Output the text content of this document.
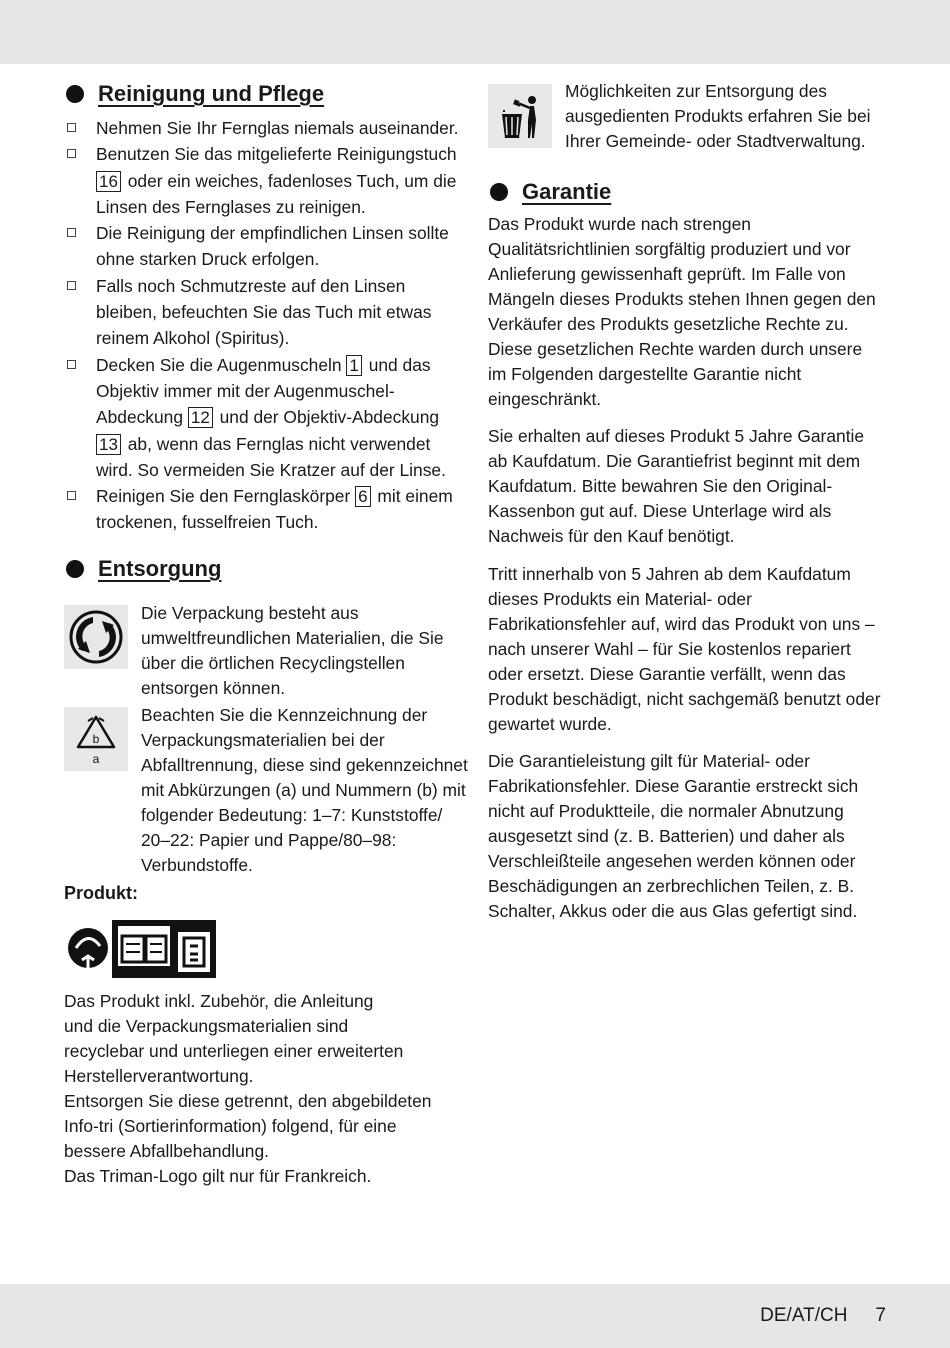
Reinigung und Pflege
Nehmen Sie Ihr Fernglas niemals auseinander.
Benutzen Sie das mitgelieferte Reinigungstuch
16 oder ein weiches, fadenloses Tuch, um die Linsen des Fernglases zu reinigen.
Die Reinigung der empfindlichen Linsen sollte ohne starken Druck erfolgen.
Falls noch Schmutzreste auf den Linsen bleiben, befeuchten Sie das Tuch mit etwas reinem Alkohol (Spiritus).
Decken Sie die Augenmuscheln 1 und das Objektiv immer mit der Augenmuschel-Abdeckung 12 und der Objektiv-Abdeckung
13 ab, wenn das Fernglas nicht verwendet wird. So vermeiden Sie Kratzer auf der Linse.
Reinigen Sie den Fernglaskörper 6 mit einem trockenen, fusselfreien Tuch.
Entsorgung

Die Verpackung besteht aus umweltfreundlichen Materialien, die Sie über die örtlichen Recyclingstellen entsorgen können.

b
a

Beachten Sie die Kennzeichnung der Verpackungsmaterialien bei der Abfalltrennung, diese sind gekennzeichnet mit Abkürzungen (a) und Nummern (b) mit folgender Bedeutung: 1–7: Kunststoffe/ 20–22: Papier und Pappe/80–98: Verbundstoffe.

Produkt:
Das Produkt inkl. Zubehör, die Anleitung
und die Verpackungsmaterialien sind
recyclebar und unterliegen einer erweiterten
Herstellerverantwortung.
Entsorgen Sie diese getrennt, den abgebildeten
Info-tri (Sortierinformation) folgend, für eine
bessere Abfallbehandlung.
Das Triman-Logo gilt nur für Frankreich.

Möglichkeiten zur Entsorgung des ausgedienten Produkts erfahren Sie bei Ihrer Gemeinde- oder Stadtverwaltung.

Garantie

Das Produkt wurde nach strengen Qualitätsrichtlinien sorgfältig produziert und vor Anlieferung gewissenhaft geprüft. Im Falle von Mängeln dieses Produkts stehen Ihnen gegen den Verkäufer des Produkts gesetzliche Rechte zu. Diese gesetzlichen Rechte warden durch unsere im Folgenden dargestellte Garantie nicht eingeschränkt.

Sie erhalten auf dieses Produkt 5 Jahre Garantie ab Kaufdatum. Die Garantiefrist beginnt mit dem Kaufdatum. Bitte bewahren Sie den Original-Kassenbon gut auf. Diese Unterlage wird als Nachweis für den Kauf benötigt.

Tritt innerhalb von 5 Jahren ab dem Kaufdatum dieses Produkts ein Material- oder Fabrikationsfehler auf, wird das Produkt von uns – nach unserer Wahl – für Sie kostenlos repariert oder ersetzt. Diese Garantie verfällt, wenn das Produkt beschädigt, nicht sachgemäß benutzt oder gewartet wurde.

Die Garantieleistung gilt für Material- oder Fabrikationsfehler. Diese Garantie erstreckt sich nicht auf Produktteile, die normaler Abnutzung ausgesetzt sind (z. B. Batterien) und daher als Verschleißteile angesehen werden können oder Beschädigungen an zerbrechlichen Teilen, z. B. Schalter, Akkus oder die aus Glas gefertigt sind.

DE/AT/CH 7
